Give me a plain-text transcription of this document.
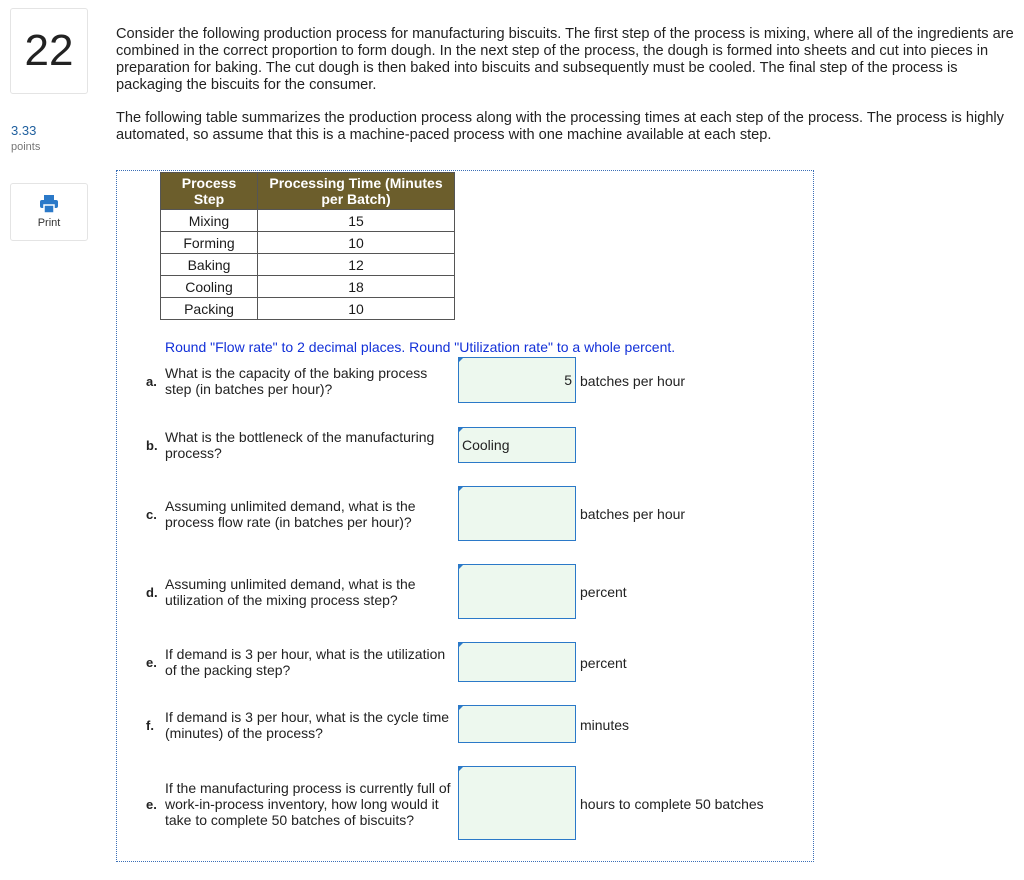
22
3.33
points
Print

Consider the following production process for manufacturing biscuits. The first step of the process is mixing, where all of the ingredients are combined in the correct proportion to form dough. In the next step of the process, the dough is formed into sheets and cut into pieces in preparation for baking. The cut dough is then baked into biscuits and subsequently must be cooled. The final step of the process is packaging the biscuits for the consumer.

The following table summarizes the production process along with the processing times at each step of the process. The process is highly automated, so assume that this is a machine-paced process with one machine available at each step.

Process Step	Processing Time (Minutes per Batch)
Mixing	15
Forming	10
Baking	12
Cooling	18
Packing	10
Round "Flow rate" to 2 decimal places. Round "Utilization rate" to a whole percent.
a.
What is the capacity of the baking process step (in batches per hour)?
5	batches per hour
b.
What is the bottleneck of the manufacturing process?
Cooling
c.
Assuming unlimited demand, what is the process flow rate (in batches per hour)?	batches per hour
d.
Assuming unlimited demand, what is the utilization of the mixing process step?	percent
e.
If demand is 3 per hour, what is the utilization of the packing step?	percent
f.
If demand is 3 per hour, what is the cycle time (minutes) of the process?	minutes
e.
If the manufacturing process is currently full of work-in-process inventory, how long would it take to complete 50 batches of biscuits?
hours to complete 50 batches
